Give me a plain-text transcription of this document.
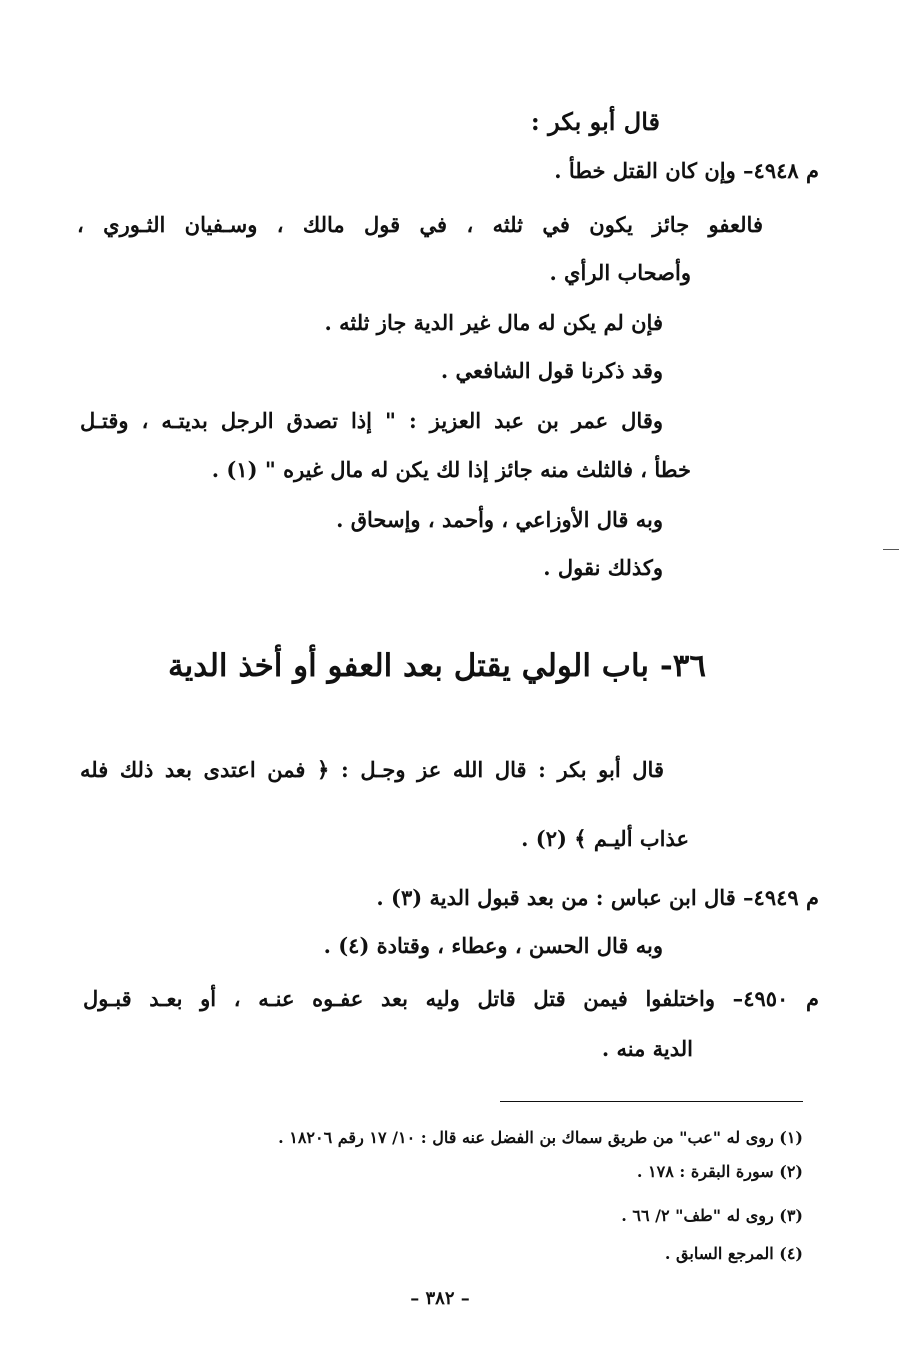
قال أبو بكر :

م ٤٩٤٨– وإن كان القتل خطأ .

فالعفو جائز يكون في ثلثه ، في قول مالك ، وسـفيان الثـوري ،

وأصحاب الرأي .

فإن لم يكن له مال غير الدية جاز ثلثه .

وقد ذكرنا قول الشافعي .

وقال عمر بن عبد العزيز : " إذا تصدق الرجل بديتـه ، وقتـل

خطأ ، فالثلث منه جائز إذا لك يكن له مال غيره " (١) .

وبه قال الأوزاعي ، وأحمد ، وإسحاق .

وكذلك نقول .

٣٦- باب الولي يقتل بعد العفو أو أخذ الدية

قال أبو بكر : قال الله عز وجـل : ﴿ فمن اعتدى بعد ذلك فله

عذاب أليـم ﴾ (٢) .

م ٤٩٤٩– قال ابن عباس : من بعد قبول الدية (٣) .

وبه قال الحسن ، وعطاء ، وقتادة (٤) .

م ٤٩٥٠– واختلفوا فيمن قتل قاتل وليه بعد عفـوه عنـه ، أو بعـد قبـول

الدية منه .

(١) روى له "عب" من طريق سماك بن الفضل عنه قال : ١٠/ ١٧ رقم ١٨٢٠٦ .

(٢) سورة البقرة : ١٧٨ .

(٣) روى له "طف" ٢/ ٦٦ .

(٤) المرجع السابق .

– ٣٨٢ –
